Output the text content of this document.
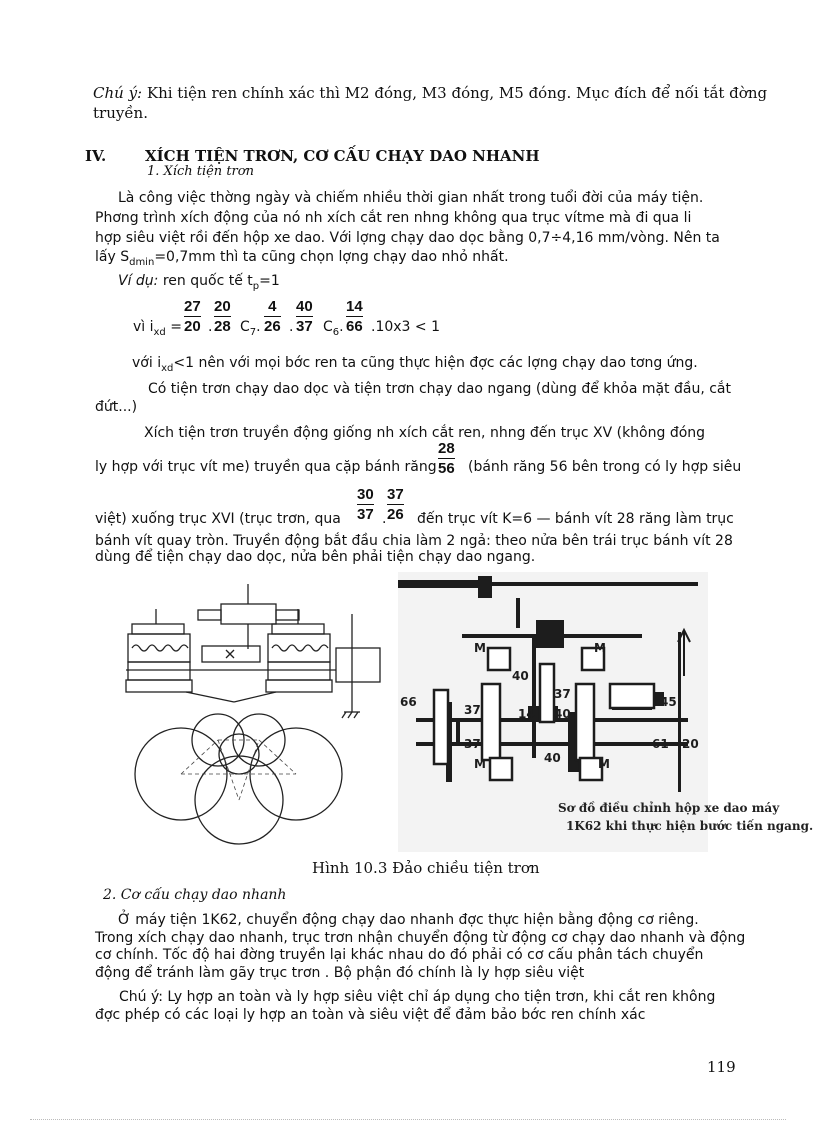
Chú ý: Khi tiện ren chính xác thì M2 đóng, M3 đóng, M5 đóng. Mục đích để nối tắt đờng
truyền.
IV.	XÍCH TIỆN TRƠN, CƠ CẤU CHẠY DAO NHANH
1. Xích tiện trơn
Là công việc thờng ngày và chiếm nhiều thời gian nhất trong tuổi đời của máy tiện.
Phơng trình xích động của nó nh xích cắt ren nhng không qua trục vítme mà đi qua li
hợp siêu việt rồi đến hộp xe dao. Với lợng chạy dao dọc bằng 0,7÷4,16 mm/vòng. Nên ta
lấy $S_{dmin}=0,7mm$ thì ta cũng chọn lợng chạy dao nhỏ nhất.
Ví dụ: ren quốc tế $t_p=1$
vì $i_{xd}$ =
27
20 .
20
28 $C_7$.
4
26 .
40
37 $C_6$.
14
66 .10x3 < 1
với $i_{xd}<1$ nên với mọi bớc ren ta cũng thực hiện đợc các lợng chạy dao tơng ứng.
Có tiện trơn chạy dao dọc và tiện trơn chạy dao ngang (dùng để khỏa mặt đầu, cắt
đứt...)
Xích tiện trơn truyền động giống nh xích cắt ren, nhng đến trục XV (không đóng
ly hợp với trục vít me) truyền qua cặp bánh răng
28
56 (bánh răng 56 bên trong có ly hợp siêu
việt) xuống trục XVI (trục trơn, qua
30
37 .
37
26 đến trục vít K=6 — bánh vít 28 răng làm trục
bánh vít quay tròn. Truyền động bắt đầu chia làm 2 ngả: theo nửa bên trái trục bánh vít 28
dùng để tiện chạy dao dọc, nửa bên phải tiện chạy dao ngang.
66
37
40
14 40
37
45
37	61 20
40
M	M
M	M
Sơ đồ điều chỉnh hộp xe dao máy
1K62 khi thực hiện bước tiến ngang.
Hình 10.3 Đảo chiều tiện trơn
2. Cơ cấu chạy dao nhanh
Ở máy tiện 1K62, chuyển động chạy dao nhanh đợc thực hiện bằng động cơ riêng.
Trong xích chạy dao nhanh, trục trơn nhận chuyển động từ động cơ chạy dao nhanh và động
cơ chính. Tốc độ hai đờng truyền lại khác nhau do đó phải có cơ cấu phân tách chuyển
động để tránh làm gãy trục trơn . Bộ phận đó chính là ly hợp siêu việt
Chú ý: Ly hợp an toàn và ly hợp siêu việt chỉ áp dụng cho tiện trơn, khi cắt ren không
đợc phép có các loại ly hợp an toàn và siêu việt để đảm bảo bớc ren chính xác
119
